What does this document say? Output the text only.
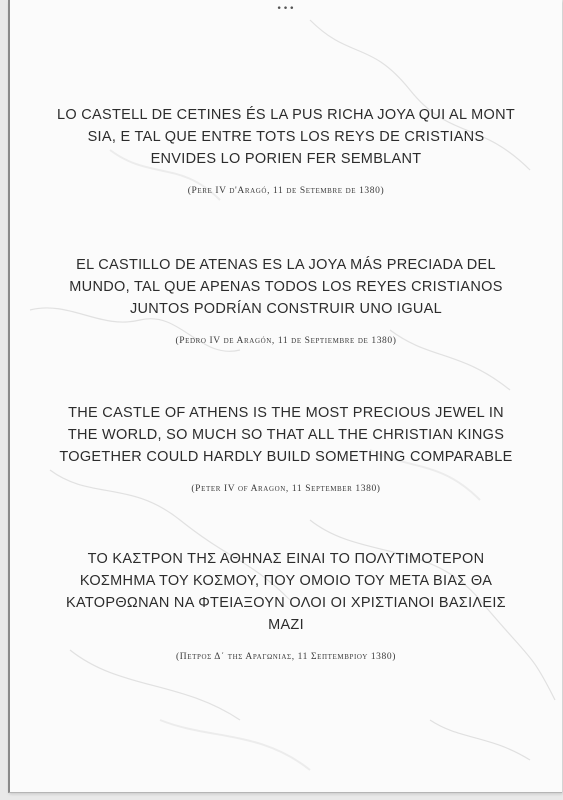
•••
LO CASTELL DE CETINES ÉS LA PUS RICHA JOYA QUI AL MONT
SIA, E TAL QUE ENTRE TOTS LOS REYS DE CRISTIANS
ENVIDES LO PORIEN FER SEMBLANT
(Pere IV d'Aragó, 11 de Setembre de 1380)
EL CASTILLO DE ATENAS ES LA JOYA MÁS PRECIADA DEL
MUNDO, TAL QUE APENAS TODOS LOS REYES CRISTIANOS
JUNTOS PODRÍAN CONSTRUIR UNO IGUAL
(Pedro IV de Aragón, 11 de Septiembre de 1380)
THE CASTLE OF ATHENS IS THE MOST PRECIOUS JEWEL IN
THE WORLD, SO MUCH SO THAT ALL THE CHRISTIAN KINGS
TOGETHER COULD HARDLY BUILD SOMETHING COMPARABLE
(Peter IV of Aragon, 11 September 1380)
ΤΟ ΚΑΣΤΡΟΝ ΤΗΣ ΑΘΗΝΑΣ ΕΙΝΑΙ ΤΟ ΠΟΛΥΤΙΜΟΤΕΡΟΝ
ΚΟΣΜΗΜΑ ΤΟΥ ΚΟΣΜΟΥ, ΠΟΥ ΟΜΟΙΟ ΤΟΥ ΜΕΤΑ ΒΙΑΣ ΘΑ
ΚΑΤΟΡΘΩΝΑΝ ΝΑ ΦΤΕΙΑΞΟΥΝ ΟΛΟΙ ΟΙ ΧΡΙΣΤΙΑΝΟΙ ΒΑΣΙΛΕΙΣ
ΜΑΖΙ
(Πετρος Δ΄ της Αραγωνιας, 11 Σεπτεμβριου 1380)
